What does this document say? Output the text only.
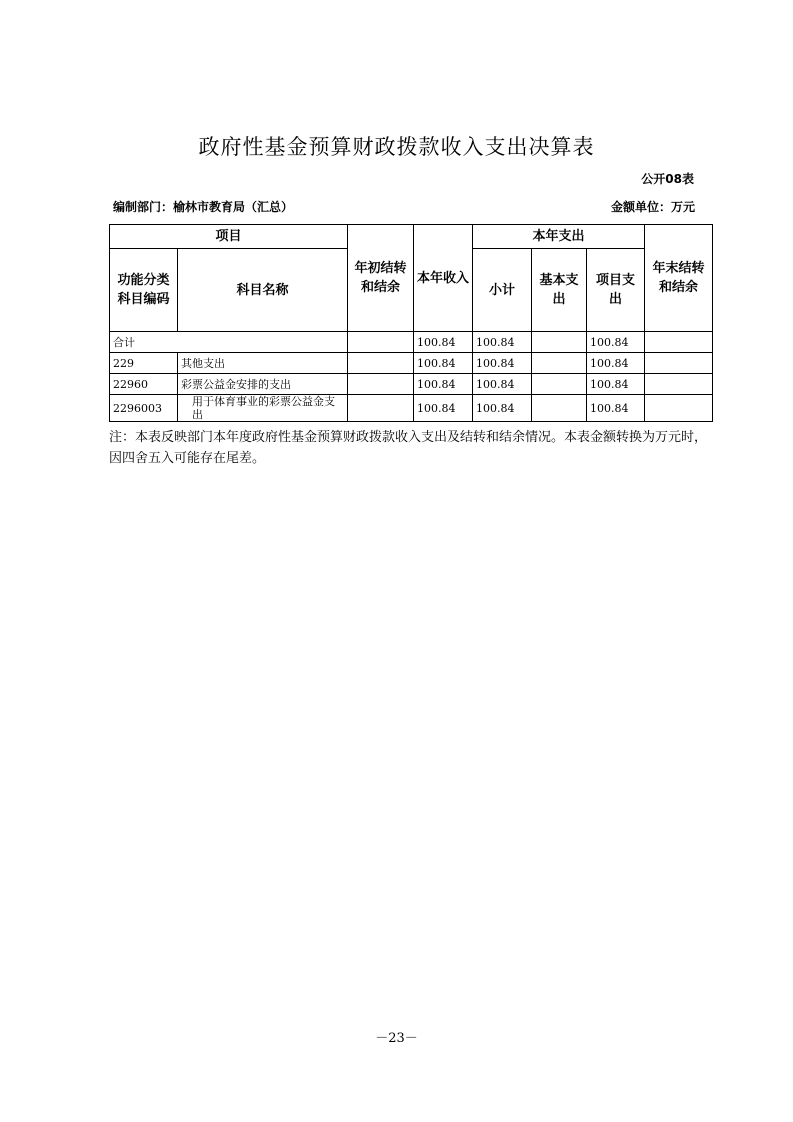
政府性基金预算财政拨款收入支出决算表
公开08表
编制部门：榆林市教育局（汇总）	金额单位：万元
项目		年初结转和结余	本年收入	本年支出			年末结转和结余
功能分类科目编码	科目名称			小计	基本支出	项目支出	
合计			100.84	100.84		100.84	
229	其他支出		100.84	100.84		100.84	
22960	彩票公益金安排的支出		100.84	100.84		100.84	
2296003	用于体育事业的彩票公益金支出		100.84	100.84		100.84	
注：本表反映部门本年度政府性基金预算财政拨款收入支出及结转和结余情况。本表金额转换为万元时，因四舍五入可能存在尾差。
－23－
